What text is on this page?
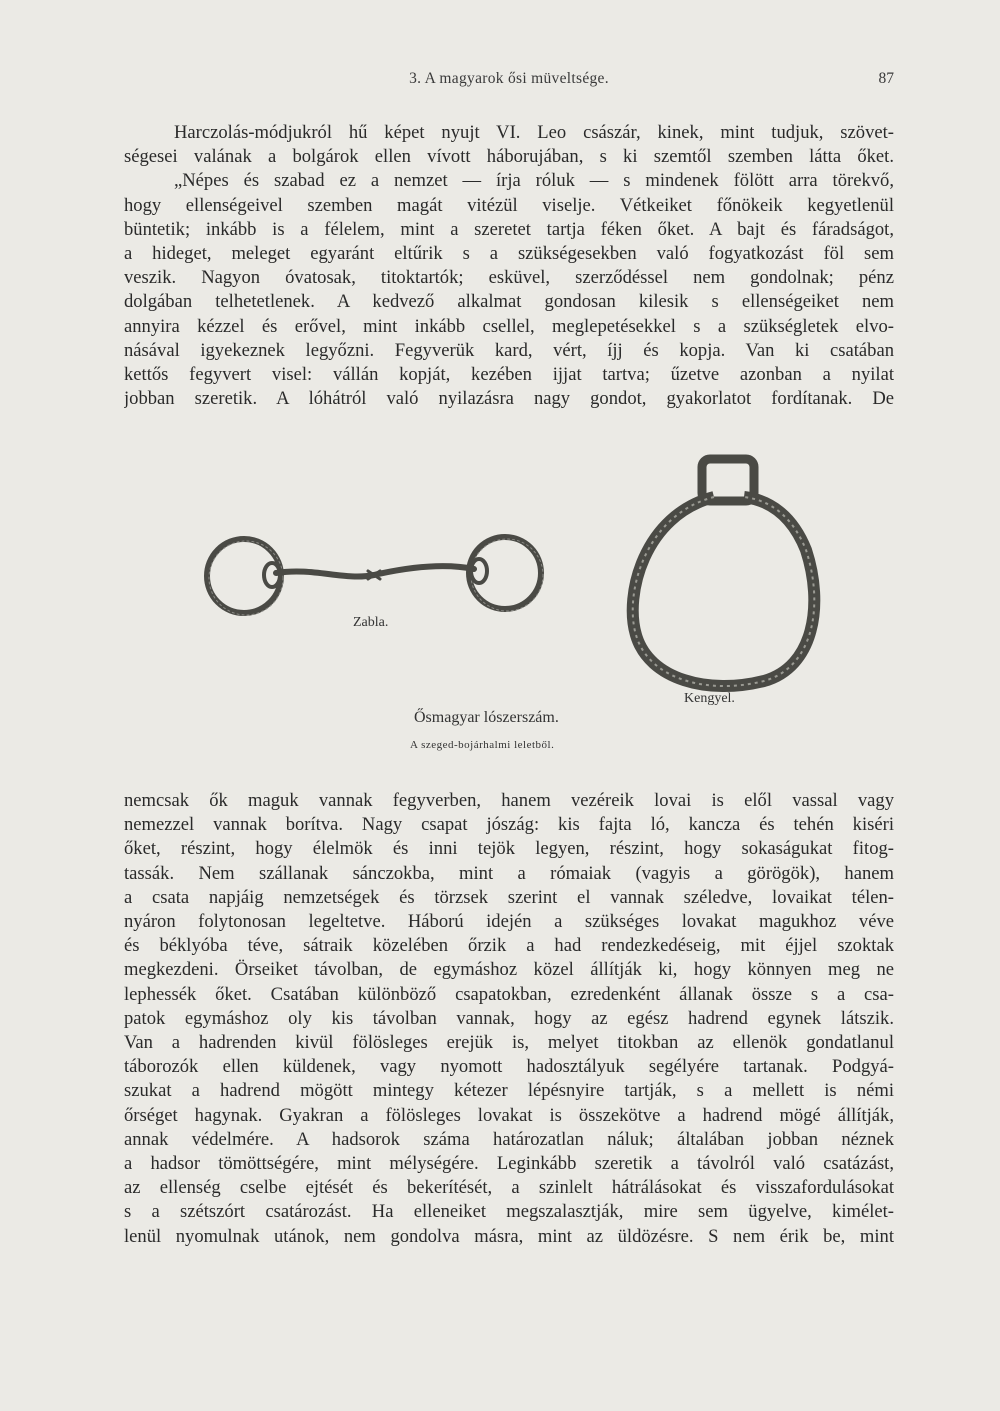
3. A magyarok ősi müveltsége.	87

Harczolás-módjukról hű képet nyujt VI. Leo császár, kinek, mint tudjuk, szövet-
ségesei valának a bolgárok ellen vívott háborujában, s ki szemtől szemben látta őket.
„Népes és szabad ez a nemzet — írja róluk — s mindenek fölött arra törekvő,
hogy ellenségeivel szemben magát vitézül viselje. Vétkeiket főnökeik kegyetlenül
büntetik; inkább is a félelem, mint a szeretet tartja féken őket. A bajt és fáradságot,
a hideget, meleget egyaránt eltűrik s a szükségesekben való fogyatkozást föl sem
veszik. Nagyon óvatosak, titoktartók; esküvel, szerződéssel nem gondolnak; pénz
dolgában telhetetlenek. A kedvező alkalmat gondosan kilesik s ellenségeiket nem
annyira kézzel és erővel, mint inkább csellel, meglepetésekkel s a szükségletek elvo-
násával igyekeznek legyőzni. Fegyverük kard, vért, íjj és kopja. Van ki csatában
kettős fegyvert visel: vállán kopját, kezében ijjat tartva; űzetve azonban a nyilat
jobban szeretik. A lóhátról való nyilazásra nagy gondot, gyakorlatot fordítanak. De

Zabla.
Kengyel.
Ősmagyar lószerszám.
A szeged-bojárhalmi leletből.

nemcsak ők maguk vannak fegyverben, hanem vezéreik lovai is elől vassal vagy
nemezzel vannak borítva. Nagy csapat jószág: kis fajta ló, kancza és tehén kiséri
őket, részint, hogy élelmök és inni tejök legyen, részint, hogy sokaságukat fitog-
tassák. Nem szállanak sánczokba, mint a rómaiak (vagyis a görögök), hanem
a csata napjáig nemzetségek és törzsek szerint el vannak széledve, lovaikat télen-
nyáron folytonosan legeltetve. Háború idején a szükséges lovakat magukhoz véve
és béklyóba téve, sátraik közelében őrzik a had rendezkedéseig, mit éjjel szoktak
megkezdeni. Örseiket távolban, de egymáshoz közel állítják ki, hogy könnyen meg ne
lephessék őket. Csatában különböző csapatokban, ezredenként állanak össze s a csa-
patok egymáshoz oly kis távolban vannak, hogy az egész hadrend egynek látszik.
Van a hadrenden kivül fölösleges erejük is, melyet titokban az ellenök gondatlanul
táborozók ellen küldenek, vagy nyomott hadosztályuk segélyére tartanak. Podgyá-
szukat a hadrend mögött mintegy kétezer lépésnyire tartják, s a mellett is némi
őrséget hagynak. Gyakran a fölösleges lovakat is összekötve a hadrend mögé állítják,
annak védelmére. A hadsorok száma határozatlan náluk; általában jobban néznek
a hadsor tömöttségére, mint mélységére. Leginkább szeretik a távolról való csatázást,
az ellenség cselbe ejtését és bekerítését, a szinlelt hátrálásokat és visszafordulásokat
s a szétszórt csatározást. Ha elleneiket megszalasztják, mire sem ügyelve, kimélet-
lenül nyomulnak utánok, nem gondolva másra, mint az üldözésre. S nem érik be, mint
